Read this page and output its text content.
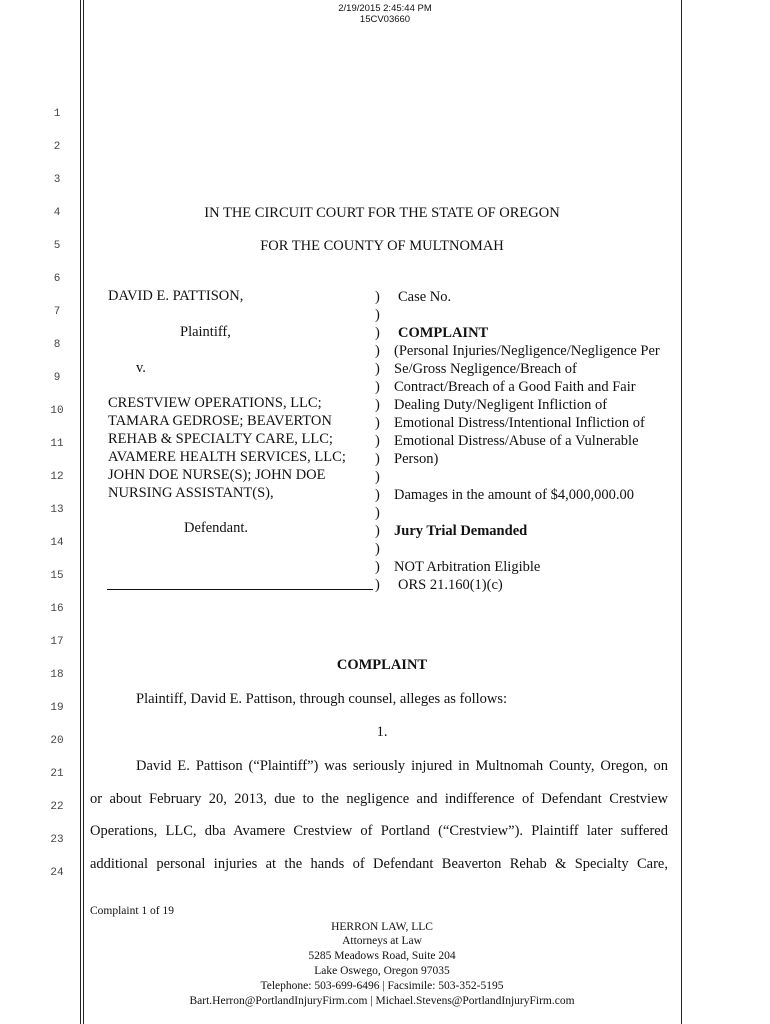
2/19/2015 2:45:44 PM
15CV03660
1
2
3
4
5
6
7
8
9
10
11
12
13
14
15
16
17
18
19
20
21
22
23
24
IN THE CIRCUIT COURT FOR THE STATE OF OREGON
FOR THE COUNTY OF MULTNOMAH
DAVID E. PATTISON,
Plaintiff,
v.
CRESTVIEW OPERATIONS, LLC;
TAMARA GEDROSE; BEAVERTON
REHAB & SPECIALTY CARE, LLC;
AVAMERE HEALTH SERVICES, LLC;
JOHN DOE NURSE(S); JOHN DOE
NURSING ASSISTANT(S),
Defendant.
)
)
)
)
)
)
)
)
)
)
)
)
)
)
)
)
)
Case No.
COMPLAINT
(Personal Injuries/Negligence/Negligence Per
Se/Gross Negligence/Breach of
Contract/Breach of a Good Faith and Fair
Dealing Duty/Negligent Infliction of
Emotional Distress/Intentional Infliction of
Emotional Distress/Abuse of a Vulnerable
Person)
Damages in the amount of $4,000,000.00
Jury Trial Demanded
NOT Arbitration Eligible
ORS 21.160(1)(c)
COMPLAINT
Plaintiff, David E. Pattison, through counsel, alleges as follows:
1.
David E. Pattison (“Plaintiff”) was seriously injured in Multnomah County, Oregon, on
or about February 20, 2013, due to the negligence and indifference of Defendant Crestview
Operations, LLC, dba Avamere Crestview of Portland (“Crestview”). Plaintiff later suffered
additional personal injuries at the hands of Defendant Beaverton Rehab & Specialty Care,
Complaint 1 of 19
HERRON LAW, LLC
Attorneys at Law
5285 Meadows Road, Suite 204
Lake Oswego, Oregon 97035
Telephone: 503-699-6496 | Facsimile: 503-352-5195
Bart.Herron@PortlandInjuryFirm.com | Michael.Stevens@PortlandInjuryFirm.com
